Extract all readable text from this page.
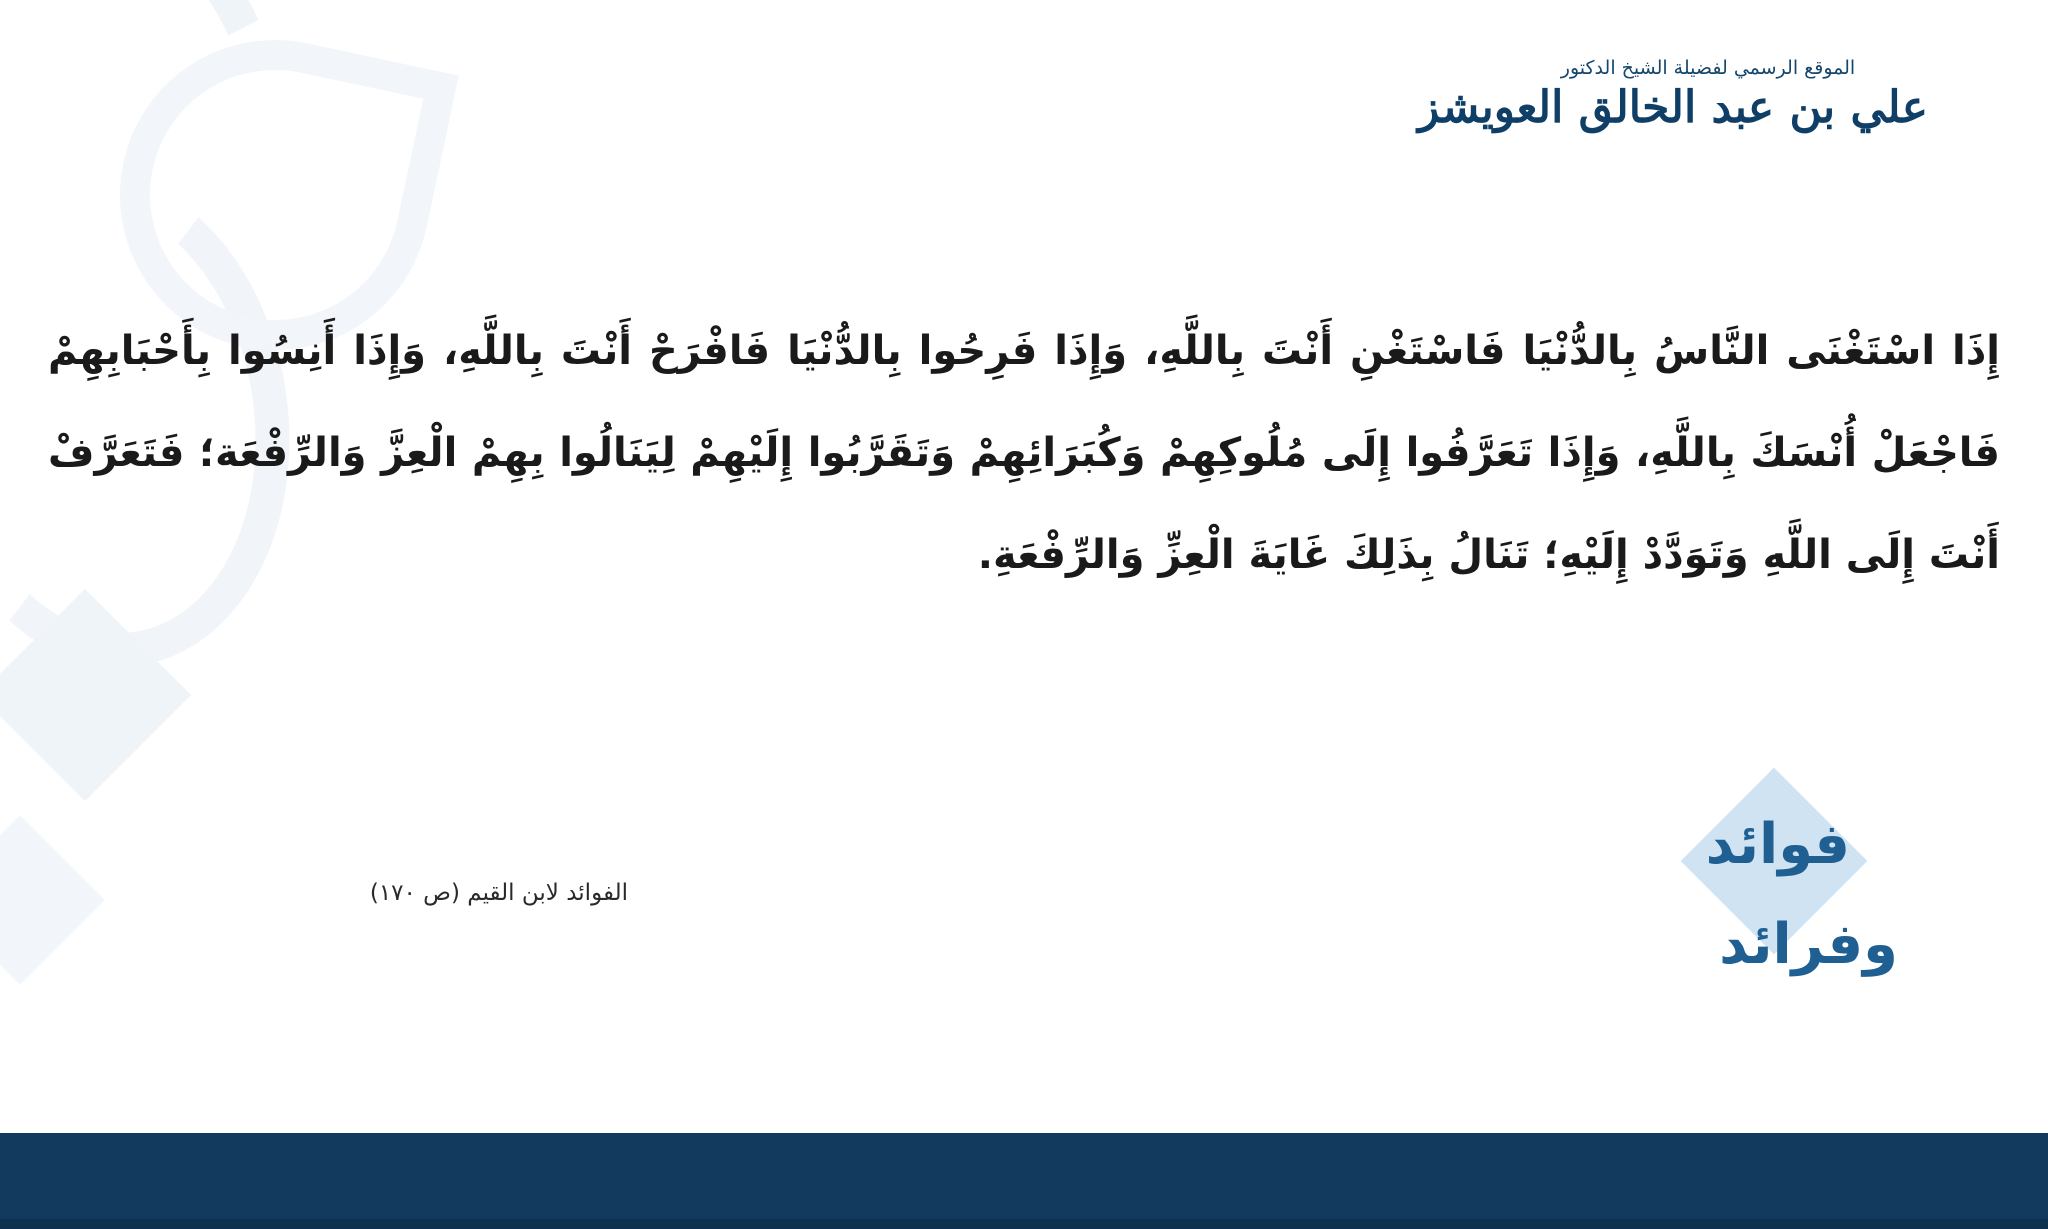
الموقع الرسمي لفضيلة الشيخ الدكتور
علي بن عبد الخالق العويشز
إِذَا اسْتَغْنَى النَّاسُ بِالدُّنْيَا فَاسْتَغْنِ أَنْتَ بِاللَّهِ، وَإِذَا فَرِحُوا بِالدُّنْيَا فَافْرَحْ أَنْتَ بِاللَّهِ، وَإِذَا أَنِسُوا بِأَحْبَابِهِمْ فَاجْعَلْ أُنْسَكَ بِاللَّهِ، وَإِذَا تَعَرَّفُوا إِلَى مُلُوكِهِمْ وَكُبَرَائِهِمْ وَتَقَرَّبُوا إِلَيْهِمْ لِيَنَالُوا بِهِمْ الْعِزَّ وَالرِّفْعَة؛ فَتَعَرَّفْ أَنْتَ إِلَى اللَّهِ وَتَوَدَّدْ إِلَيْهِ؛ تَنَالُ بِذَلِكَ غَايَةَ الْعِزِّ وَالرِّفْعَةِ.
الفوائد لابن القيم (ص ١٧٠)
فوائد
وفرائد
